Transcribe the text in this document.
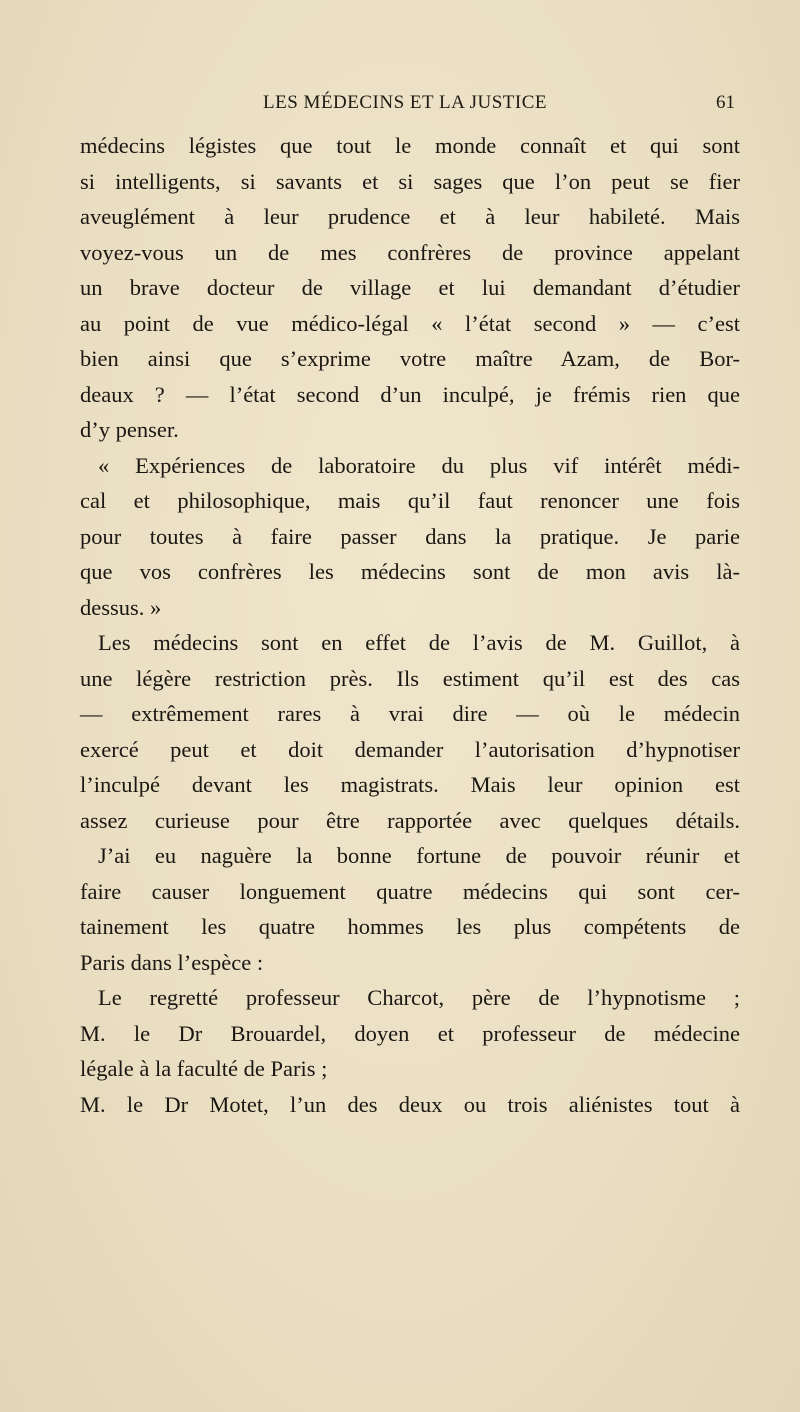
LES MÉDECINS ET LA JUSTICE	61
médecins légistes que tout le monde connaît et qui sont
si intelligents, si savants et si sages que l’on peut se fier
aveuglément à leur prudence et à leur habileté. Mais
voyez-vous un de mes confrères de province appelant
un brave docteur de village et lui demandant d’étudier
au point de vue médico-légal « l’état second » — c’est
bien ainsi que s’exprime votre maître Azam, de Bor-
deaux ? — l’état second d’un inculpé, je frémis rien que
d’y penser.
« Expériences de laboratoire du plus vif intérêt médi-
cal et philosophique, mais qu’il faut renoncer une fois
pour toutes à faire passer dans la pratique. Je parie
que vos confrères les médecins sont de mon avis là-
dessus. »
Les médecins sont en effet de l’avis de M. Guillot, à
une légère restriction près. Ils estiment qu’il est des cas
— extrêmement rares à vrai dire — où le médecin
exercé peut et doit demander l’autorisation d’hypnotiser
l’inculpé devant les magistrats. Mais leur opinion est
assez curieuse pour être rapportée avec quelques détails.
J’ai eu naguère la bonne fortune de pouvoir réunir et
faire causer longuement quatre médecins qui sont cer-
tainement les quatre hommes les plus compétents de
Paris dans l’espèce :
Le regretté professeur Charcot, père de l’hypnotisme ;
M. le Dr Brouardel, doyen et professeur de médecine
légale à la faculté de Paris ;
M. le Dr Motet, l’un des deux ou trois aliénistes tout à
